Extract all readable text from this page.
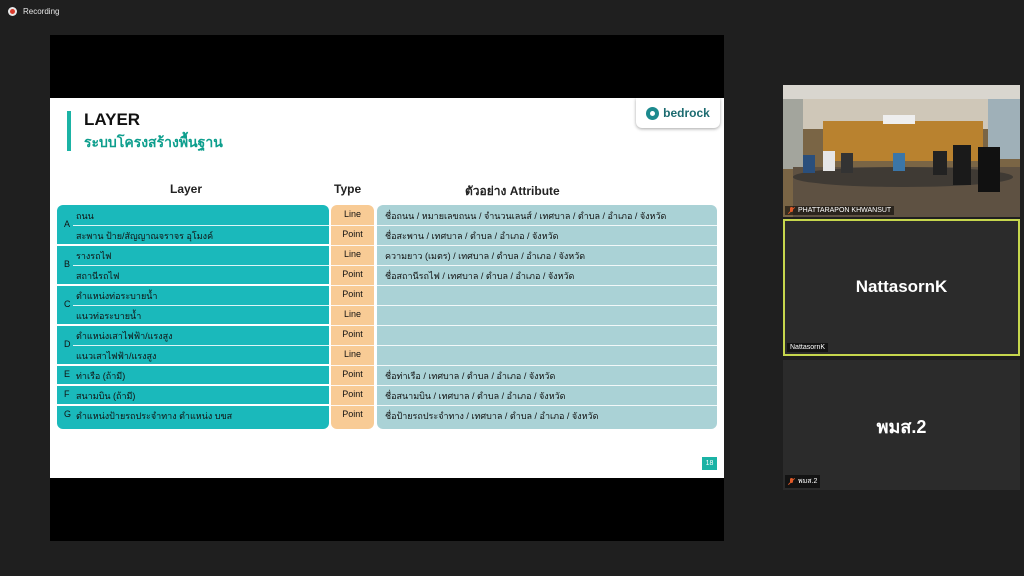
Recording
LAYER
ระบบโครงสร้างพื้นฐาน
bedrock
Layer	Type	ตัวอย่าง Attribute
A
ถนน	Line	ชื่อถนน / หมายเลขถนน / จำนวนเลนส์ / เทศบาล / ตำบล / อำเภอ / จังหวัด
สะพาน ป้าย/สัญญาณจราจร อุโมงค์	Point	ชื่อสะพาน / เทศบาล / ตำบล / อำเภอ / จังหวัด
B
รางรถไฟ	Line	ความยาว (เมตร) / เทศบาล / ตำบล / อำเภอ / จังหวัด
สถานีรถไฟ	Point	ชื่อสถานีรถไฟ / เทศบาล / ตำบล / อำเภอ / จังหวัด
C
ตำแหน่งท่อระบายน้ำ	Point
แนวท่อระบายน้ำ	Line
D
ตำแหน่งเสาไฟฟ้า/แรงสูง	Point
แนวเสาไฟฟ้า/แรงสูง	Line
E ท่าเรือ (ถ้ามี)	Point	ชื่อท่าเรือ / เทศบาล / ตำบล / อำเภอ / จังหวัด
F สนามบิน (ถ้ามี)	Point	ชื่อสนามบิน / เทศบาล / ตำบล / อำเภอ / จังหวัด
G ตำแหน่งป้ายรถประจำทาง ตำแหน่ง บขส	Point	ชื่อป้ายรถประจำทาง / เทศบาล / ตำบล / อำเภอ / จังหวัด
18
PHATTARAPON KHWANSUT
NattasornK
NattasornK
พมส.2
พมส.2
